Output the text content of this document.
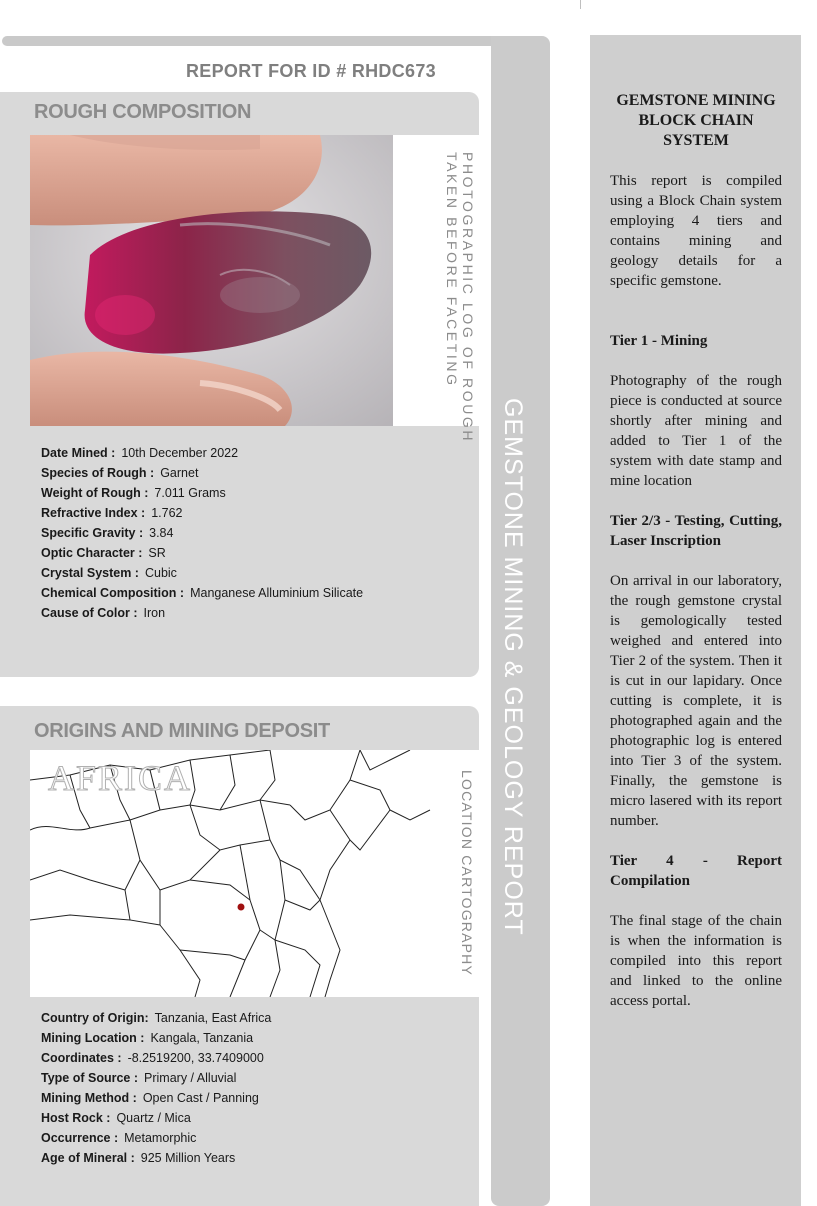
GEMSTONE MINING & GEOLOGY REPORT
REPORT FOR ID # RHDC673
ROUGH COMPOSITION
PHOTOGRAPHIC LOG OF ROUGH
TAKEN BEFORE FACETING
Date Mined : 10th December 2022
Species of Rough : Garnet
Weight of Rough : 7.011 Grams
Refractive Index : 1.762
Specific Gravity : 3.84
Optic Character : SR
Crystal System : Cubic
Chemical Composition : Manganese Alluminium Silicate
Cause of Color : Iron
ORIGINS AND MINING DEPOSIT
AFRICA	LOCATION CARTOGRAPHY
Country of Origin: Tanzania, East Africa
Mining Location : Kangala, Tanzania
Coordinates : -8.2519200, 33.7409000
Type of Source : Primary / Alluvial
Mining Method : Open Cast / Panning
Host Rock : Quartz / Mica
Occurrence : Metamorphic
Age of Mineral : 925 Million Years
GEMSTONE MINING BLOCK CHAIN SYSTEM

This report is compiled using a Block Chain system employing 4 tiers and contains mining and geology details for a specific gemstone.

Tier 1 - Mining

Photography of the rough piece is conducted at source shortly after mining and added to Tier 1 of the system with date stamp and mine location

Tier 2/3 - Testing, Cutting, Laser Inscription

On arrival in our laboratory, the rough gemstone crystal is gemologically tested weighed and entered into Tier 2 of the system. Then it is cut in our lapidary. Once cutting is complete, it is photographed again and the photographic log is entered into Tier 3 of the system. Finally, the gemstone is micro lasered with its report number.

Tier 4 - Report Compilation

The final stage of the chain is when the information is compiled into this report and linked to the online access portal.
